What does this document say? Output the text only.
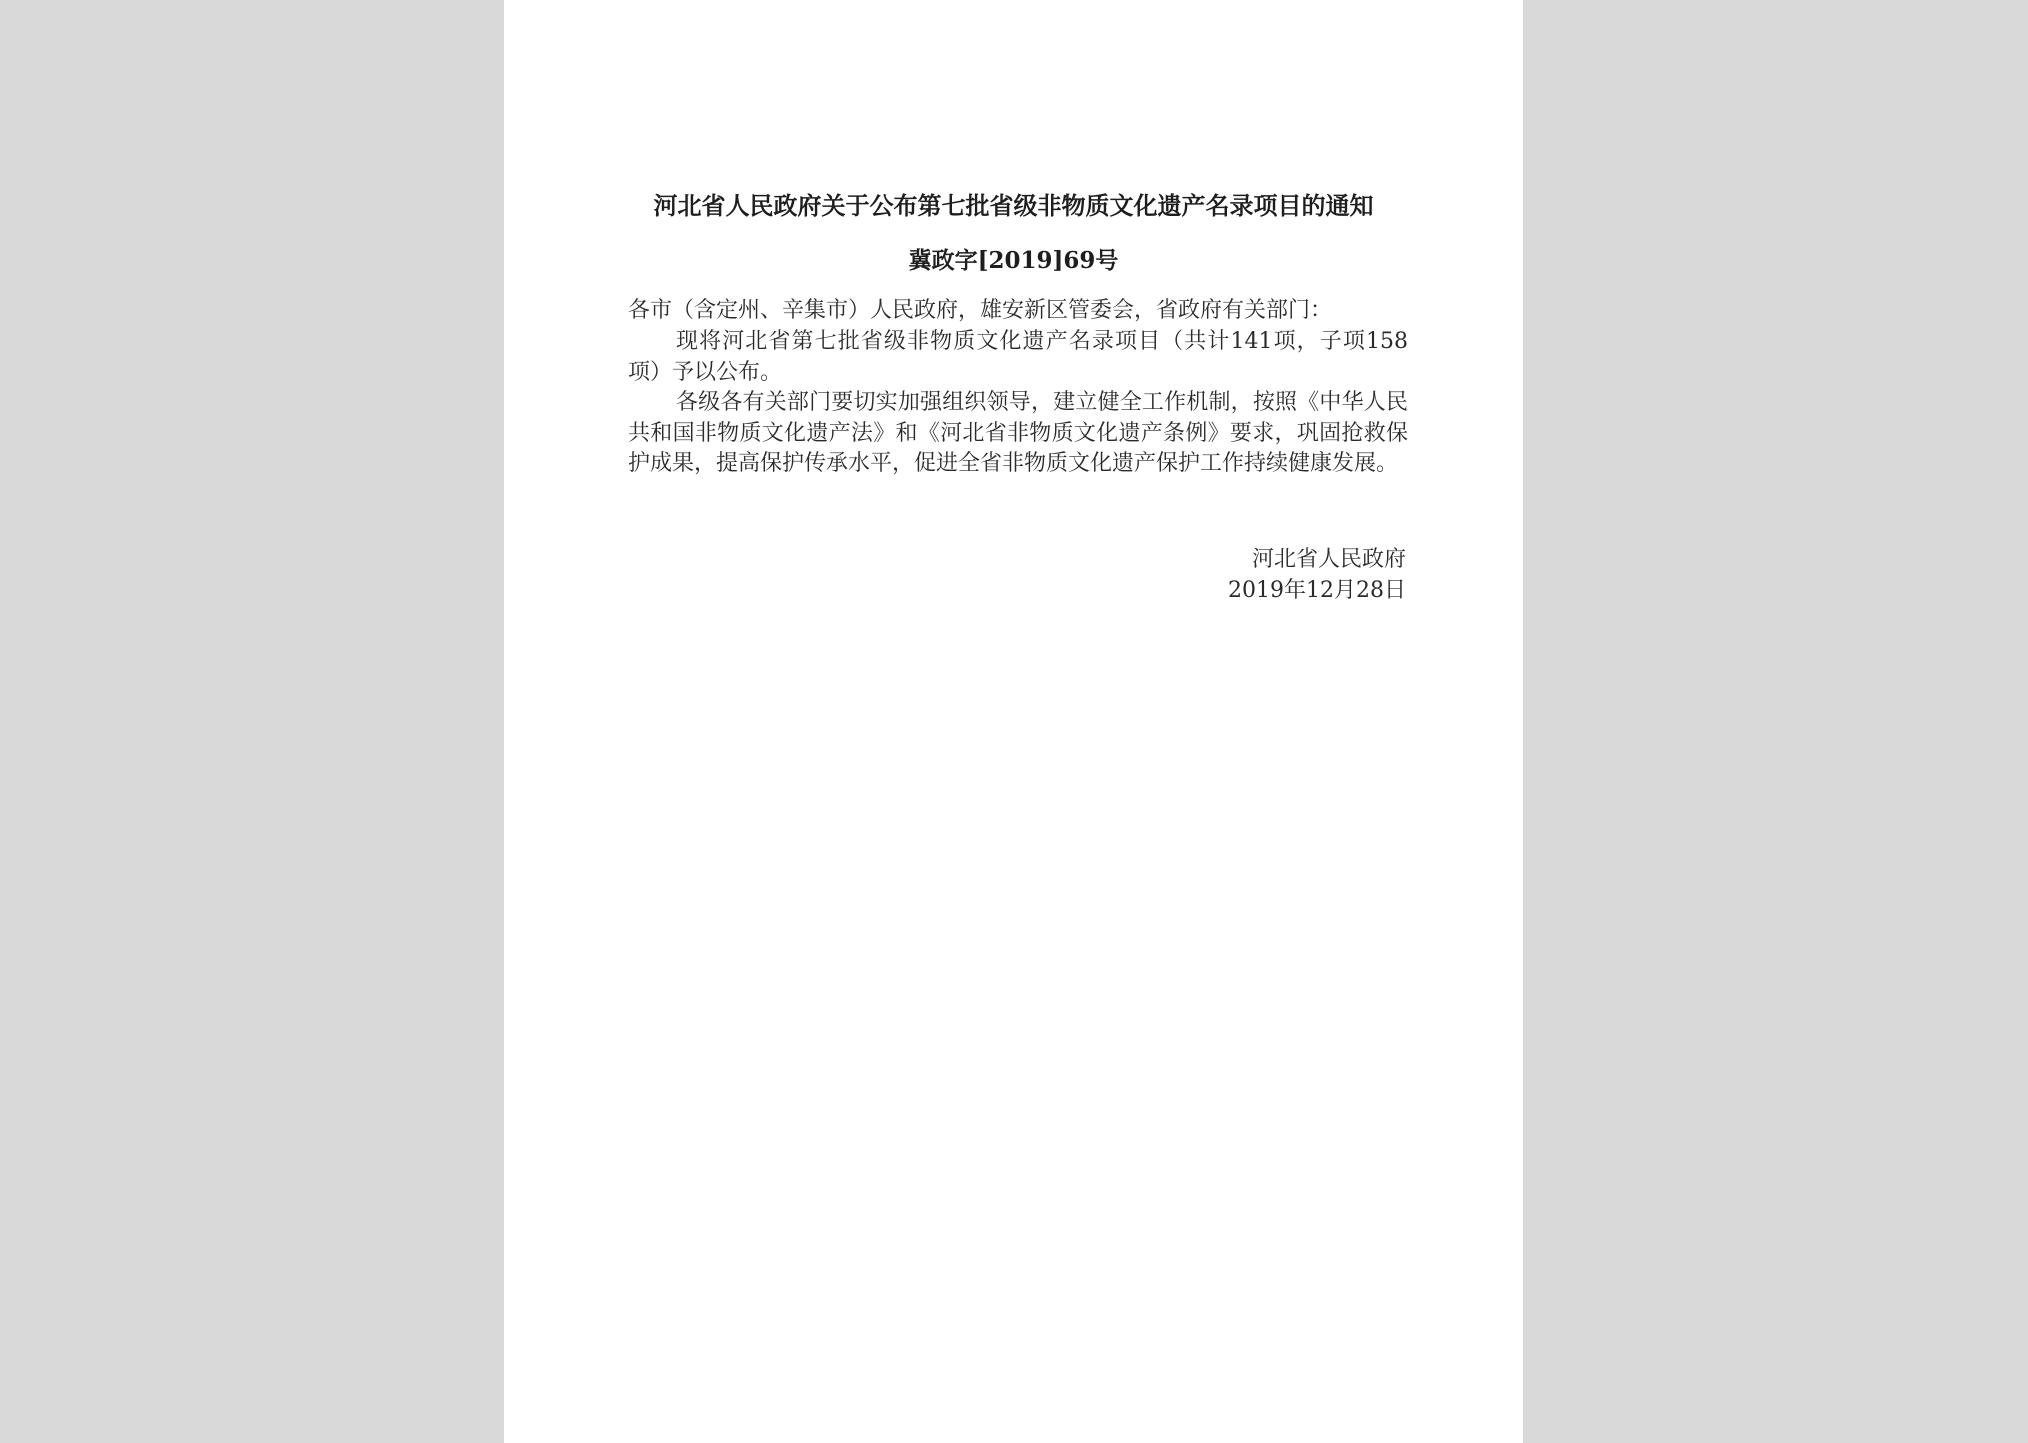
河北省人民政府关于公布第七批省级非物质文化遗产名录项目的通知
冀政字[2019]69号
各市（含定州、辛集市）人民政府，雄安新区管委会，省政府有关部门：
现将河北省第七批省级非物质文化遗产名录项目（共计141项，子项158项）予以公布。
各级各有关部门要切实加强组织领导，建立健全工作机制，按照《中华人民共和国非物质文化遗产法》和《河北省非物质文化遗产条例》要求，巩固抢救保护成果，提高保护传承水平，促进全省非物质文化遗产保护工作持续健康发展。
河北省人民政府
2019年12月28日
